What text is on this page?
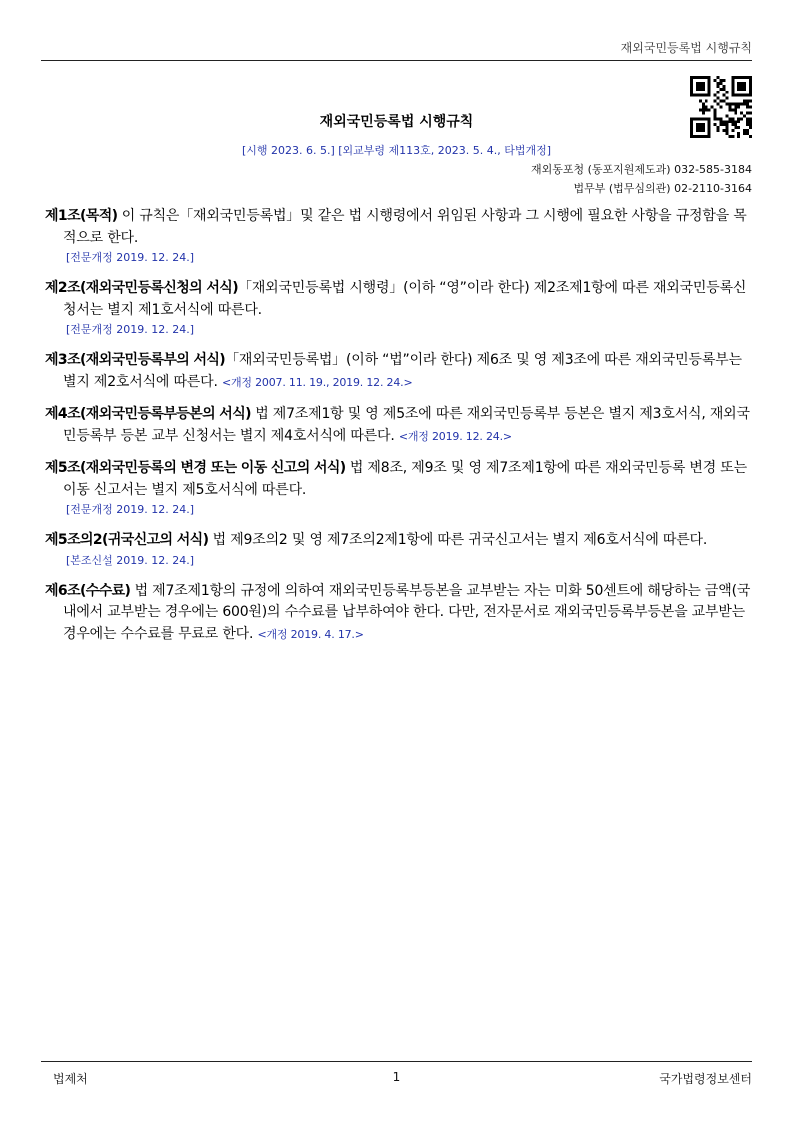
재외국민등록법 시행규칙
재외국민등록법 시행규칙
[시행 2023. 6. 5.] [외교부령 제113호, 2023. 5. 4., 타법개정]
재외동포청 (동포지원제도과) 032-585-3184
법무부 (법무심의관) 02-2110-3164
제1조(목적) 이 규칙은「재외국민등록법」및 같은 법 시행령에서 위임된 사항과 그 시행에 필요한 사항을 규정함을 목적으로 한다.
[전문개정 2019. 12. 24.]
제2조(재외국민등록신청의 서식)「재외국민등록법 시행령」(이하 “영”이라 한다) 제2조제1항에 따른 재외국민등록신청서는 별지 제1호서식에 따른다.
[전문개정 2019. 12. 24.]
제3조(재외국민등록부의 서식)「재외국민등록법」(이하 “법”이라 한다) 제6조 및 영 제3조에 따른 재외국민등록부는 별지 제2호서식에 따른다. <개정 2007. 11. 19., 2019. 12. 24.>
제4조(재외국민등록부등본의 서식) 법 제7조제1항 및 영 제5조에 따른 재외국민등록부 등본은 별지 제3호서식, 재외국민등록부 등본 교부 신청서는 별지 제4호서식에 따른다. <개정 2019. 12. 24.>
제5조(재외국민등록의 변경 또는 이동 신고의 서식) 법 제8조, 제9조 및 영 제7조제1항에 따른 재외국민등록 변경 또는 이동 신고서는 별지 제5호서식에 따른다.
[전문개정 2019. 12. 24.]
제5조의2(귀국신고의 서식) 법 제9조의2 및 영 제7조의2제1항에 따른 귀국신고서는 별지 제6호서식에 따른다.
[본조신설 2019. 12. 24.]
제6조(수수료) 법 제7조제1항의 규정에 의하여 재외국민등록부등본을 교부받는 자는 미화 50센트에 해당하는 금액(국내에서 교부받는 경우에는 600원)의 수수료를 납부하여야 한다. 다만, 전자문서로 재외국민등록부등본을 교부받는 경우에는 수수료를 무료로 한다. <개정 2019. 4. 17.>
법제처	1	국가법령정보센터
